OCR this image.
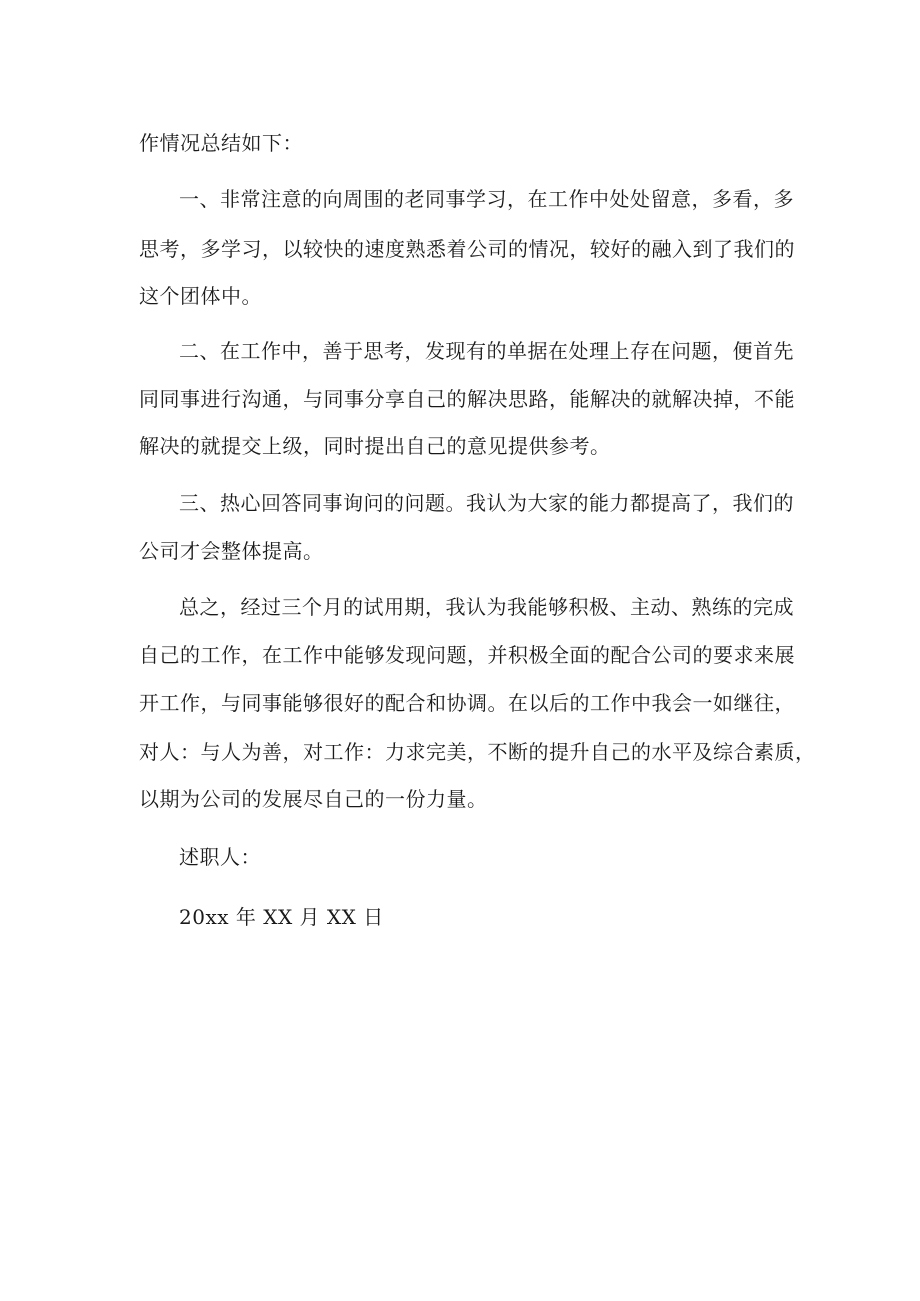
作情况总结如下：
一、非常注意的向周围的老同事学习，在工作中处处留意，多看，多
思考，多学习，以较快的速度熟悉着公司的情况，较好的融入到了我们的
这个团体中。
二、在工作中，善于思考，发现有的单据在处理上存在问题，便首先
同同事进行沟通，与同事分享自己的解决思路，能解决的就解决掉，不能
解决的就提交上级，同时提出自己的意见提供参考。
三、热心回答同事询问的问题。我认为大家的能力都提高了，我们的
公司才会整体提高。
总之，经过三个月的试用期，我认为我能够积极、主动、熟练的完成
自己的工作，在工作中能够发现问题，并积极全面的配合公司的要求来展
开工作，与同事能够很好的配合和协调。在以后的工作中我会一如继往，
对人：与人为善，对工作：力求完美，不断的提升自己的水平及综合素质，
以期为公司的发展尽自己的一份力量。
述职人：
20xx 年 XX 月 XX 日
